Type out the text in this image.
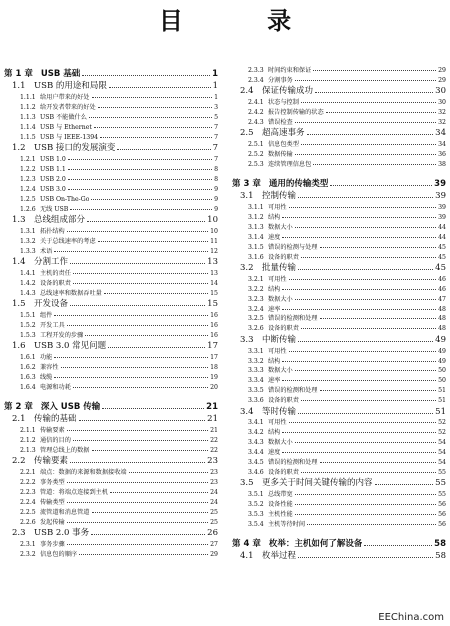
目 录
第 1 章 USB 基础	1
1.1 USB 的用途和局限	1
1.1.1 给用户带来的好处	1
1.1.2 给开发者带来的好处	3
1.1.3 USB 不能做什么	5
1.1.4 USB 与 Ethernet	7
1.1.5 USB 与 IEEE-1394	7
1.2 USB 接口的发展演变	7
1.2.1 USB 1.0	7
1.2.2 USB 1.1	8
1.2.3 USB 2.0	8
1.2.4 USB 3.0	9
1.2.5 USB On-The-Go	9
1.2.6 无线 USB	9
1.3 总线组成部分	10
1.3.1 拓扑结构	10
1.3.2 关于总线速率的考虑	11
1.3.3 术语	12
1.4 分割工作	13
1.4.1 主机的责任	13
1.4.2 设备的职责	14
1.4.3 总线速率和数据吞吐量	15
1.5 开发设备	15
1.5.1 组件	16
1.5.2 开发工具	16
1.5.3 工程开发的步骤	16
1.6 USB 3.0 常见问题	17
1.6.1 功能	17
1.6.2 兼容性	18
1.6.3 线缆	19
1.6.4 电源和功耗	20
第 2 章 深入 USB 传输	21
2.1 传输的基础	21
2.1.1 传输要素	21
2.1.2 通信的目的	22
2.1.3 管理总线上的数据	22
2.2 传输要素	23
2.2.1 端点：数据的来源和数据接收端	23
2.2.2 事务类型	23
2.2.3 管道：将端点连接到主机	24
2.2.4 传输类型	24
2.2.5 流管道和消息管道	25
2.2.6 发起传输	25
2.3 USB 2.0 事务	26
2.3.1 事务步骤	27
2.3.2 信息包的顺序	29
2.3.3 时间约束和保证	29
2.3.4 分割事务	29
2.4 保证传输成功	30
2.4.1 状态与控制	30
2.4.2 报告控制传输的状态	32
2.4.3 错误检查	32
2.5 超高速事务	34
2.5.1 信息包类型	34
2.5.2 数据传输	36
2.5.3 连续管理信息包	38
第 3 章 通用的传输类型	39
3.1 控制传输	39
3.1.1 可用性	39
3.1.2 结构	39
3.1.3 数据大小	44
3.1.4 速度	44
3.1.5 错误的检测与处理	45
3.1.6 设备的职责	45
3.2 批量传输	45
3.2.1 可用性	46
3.2.2 结构	46
3.2.3 数据大小	47
3.2.4 速率	48
3.2.5 错误的检测和处理	48
3.2.6 设备的职责	48
3.3 中断传输	49
3.3.1 可用性	49
3.3.2 结构	49
3.3.3 数据大小	50
3.3.4 速率	50
3.3.5 错误的检测和处理	51
3.3.6 设备的职责	51
3.4 等时传输	51
3.4.1 可用性	52
3.4.2 结构	52
3.4.3 数据大小	54
3.4.4 速度	54
3.4.5 错误的检测和处理	54
3.4.6 设备的职责	55
3.5 更多关于时间关键传输的内容	55
3.5.1 总线带宽	55
3.5.2 设备性能	56
3.5.3 主机性能	56
3.5.4 主机等待时间	56
第 4 章 枚举：主机如何了解设备	58
4.1 枚举过程	58
EEChina.com
